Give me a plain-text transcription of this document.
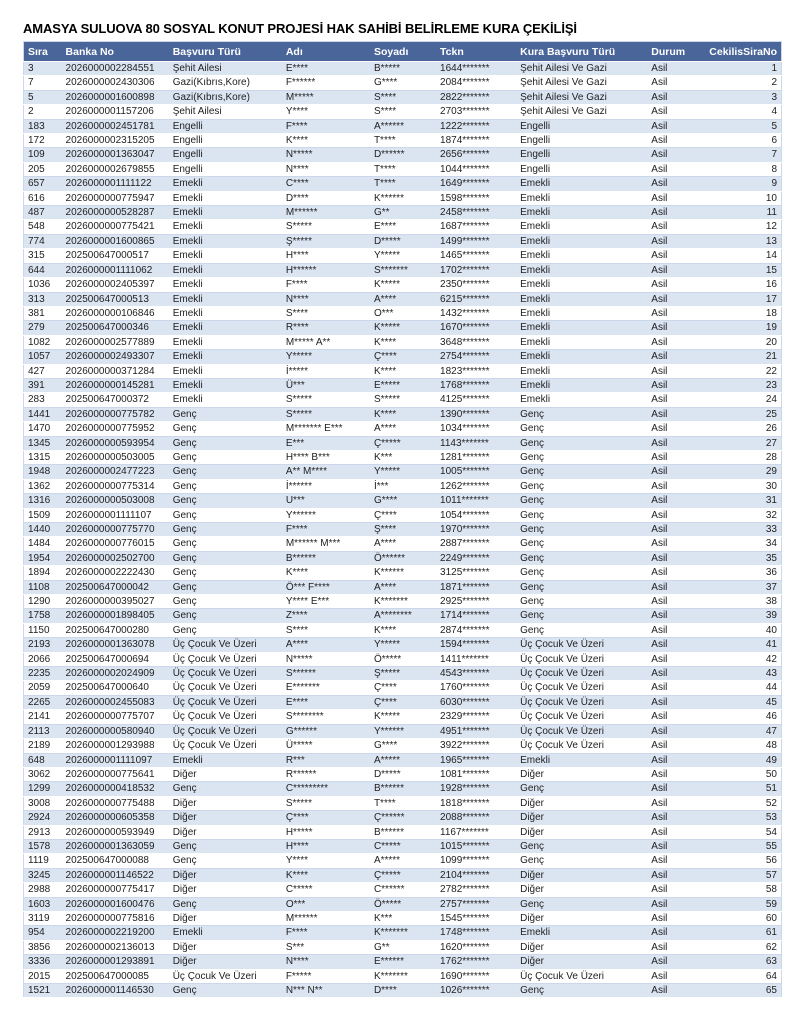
AMASYA SULUOVA 80 SOSYAL KONUT PROJESİ HAK SAHİBİ BELİRLEME KURA ÇEKİLİŞİ
Sıra	Banka No	Başvuru Türü	Adı	Soyadı	Tckn	Kura Başvuru Türü	Durum	CekilisSiraNo
3	2026000002284551	Şehit Ailesi	E****	B*****	1644*******	Şehit Ailesi Ve Gazi	Asil	1
7	2026000002430306	Gazi(Kıbrıs,Kore)	F******	G****	2084*******	Şehit Ailesi Ve Gazi	Asil	2
5	2026000001600898	Gazi(Kıbrıs,Kore)	M*****	S****	2822*******	Şehit Ailesi Ve Gazi	Asil	3
2	2026000001157206	Şehit Ailesi	Y****	S****	2703*******	Şehit Ailesi Ve Gazi	Asil	4
183	2026000002451781	Engelli	F****	A******	1222*******	Engelli	Asil	5
172	2026000002315205	Engelli	K****	T****	1874*******	Engelli	Asil	6
109	2026000001363047	Engelli	N*****	D******	2656*******	Engelli	Asil	7
205	2026000002679855	Engelli	N****	T****	1044*******	Engelli	Asil	8
657	2026000001111122	Emekli	C****	T****	1649*******	Emekli	Asil	9
616	2026000000775947	Emekli	D****	K******	1598*******	Emekli	Asil	10
487	2026000000528287	Emekli	M******	G**	2458*******	Emekli	Asil	11
548	2026000000775421	Emekli	S*****	E****	1687*******	Emekli	Asil	12
774	2026000001600865	Emekli	Ş*****	D*****	1499*******	Emekli	Asil	13
315	202500647000517	Emekli	H****	Y*****	1465*******	Emekli	Asil	14
644	2026000001111062	Emekli	H******	S*******	1702*******	Emekli	Asil	15
1036	2026000002405397	Emekli	F****	K*****	2350*******	Emekli	Asil	16
313	202500647000513	Emekli	N****	A****	6215*******	Emekli	Asil	17
381	2026000000106846	Emekli	S****	O***	1432*******	Emekli	Asil	18
279	202500647000346	Emekli	R****	K*****	1670*******	Emekli	Asil	19
1082	2026000002577889	Emekli	M***** A**	K****	3648*******	Emekli	Asil	20
1057	2026000002493307	Emekli	Y*****	Ç****	2754*******	Emekli	Asil	21
427	2026000000371284	Emekli	İ*****	K****	1823*******	Emekli	Asil	22
391	2026000000145281	Emekli	Ü***	E*****	1768*******	Emekli	Asil	23
283	202500647000372	Emekli	S*****	S*****	4125*******	Emekli	Asil	24
1441	2026000000775782	Genç	S*****	K****	1390*******	Genç	Asil	25
1470	2026000000775952	Genç	M******* E***	A****	1034*******	Genç	Asil	26
1345	2026000000593954	Genç	E***	Ç*****	1143*******	Genç	Asil	27
1315	2026000000503005	Genç	H**** B***	K***	1281*******	Genç	Asil	28
1948	2026000002477223	Genç	A** M****	Y*****	1005*******	Genç	Asil	29
1362	2026000000775314	Genç	İ******	İ***	1262*******	Genç	Asil	30
1316	2026000000503008	Genç	U***	G****	1011*******	Genç	Asil	31
1509	2026000001111107	Genç	Y******	Ç****	1054*******	Genç	Asil	32
1440	2026000000775770	Genç	F****	Ş****	1970*******	Genç	Asil	33
1484	2026000000776015	Genç	M****** M***	A****	2887*******	Genç	Asil	34
1954	2026000002502700	Genç	B******	Ö******	2249*******	Genç	Asil	35
1894	2026000002222430	Genç	K****	K******	3125*******	Genç	Asil	36
1108	202500647000042	Genç	Ö*** F****	A****	1871*******	Genç	Asil	37
1290	2026000000395027	Genç	Y**** E***	K*******	2925*******	Genç	Asil	38
1758	2026000001898405	Genç	Z****	A********	1714*******	Genç	Asil	39
1150	202500647000280	Genç	S****	K****	2874*******	Genç	Asil	40
2193	2026000001363078	Üç Çocuk Ve Üzeri	A****	Y*****	1594*******	Üç Çocuk Ve Üzeri	Asil	41
2066	202500647000694	Üç Çocuk Ve Üzeri	N*****	Ö*****	1411*******	Üç Çocuk Ve Üzeri	Asil	42
2235	2026000002024909	Üç Çocuk Ve Üzeri	S******	Ş*****	4543*******	Üç Çocuk Ve Üzeri	Asil	43
2059	202500647000640	Üç Çocuk Ve Üzeri	E*******	Ç****	1760*******	Üç Çocuk Ve Üzeri	Asil	44
2265	2026000002455083	Üç Çocuk Ve Üzeri	E****	Ç****	6030*******	Üç Çocuk Ve Üzeri	Asil	45
2141	2026000000775707	Üç Çocuk Ve Üzeri	S********	K*****	2329*******	Üç Çocuk Ve Üzeri	Asil	46
2113	2026000000580940	Üç Çocuk Ve Üzeri	G******	Y******	4951*******	Üç Çocuk Ve Üzeri	Asil	47
2189	2026000001293988	Üç Çocuk Ve Üzeri	Ü*****	G****	3922*******	Üç Çocuk Ve Üzeri	Asil	48
648	2026000001111097	Emekli	R***	A*****	1965*******	Emekli	Asil	49
3062	2026000000775641	Diğer	R******	D*****	1081*******	Diğer	Asil	50
1299	2026000000418532	Genç	C*********	B******	1928*******	Genç	Asil	51
3008	2026000000775488	Diğer	S*****	T****	1818*******	Diğer	Asil	52
2924	2026000000605358	Diğer	Ç****	Ç******	2088*******	Diğer	Asil	53
2913	2026000000593949	Diğer	H*****	B******	1167*******	Diğer	Asil	54
1578	2026000001363059	Genç	H****	C*****	1015*******	Genç	Asil	55
1119	202500647000088	Genç	Y****	A*****	1099*******	Genç	Asil	56
3245	2026000001146522	Diğer	K****	Ç*****	2104*******	Diğer	Asil	57
2988	2026000000775417	Diğer	C*****	C******	2782*******	Diğer	Asil	58
1603	2026000001600476	Genç	O***	Ö*****	2757*******	Genç	Asil	59
3119	2026000000775816	Diğer	M******	K***	1545*******	Diğer	Asil	60
954	2026000002219200	Emekli	F****	K*******	1748*******	Emekli	Asil	61
3856	2026000002136013	Diğer	S***	G**	1620*******	Diğer	Asil	62
3336	2026000001293891	Diğer	N****	E******	1762*******	Diğer	Asil	63
2015	202500647000085	Üç Çocuk Ve Üzeri	F*****	K*******	1690*******	Üç Çocuk Ve Üzeri	Asil	64
1521	2026000001146530	Genç	N*** N**	D****	1026*******	Genç	Asil	65
